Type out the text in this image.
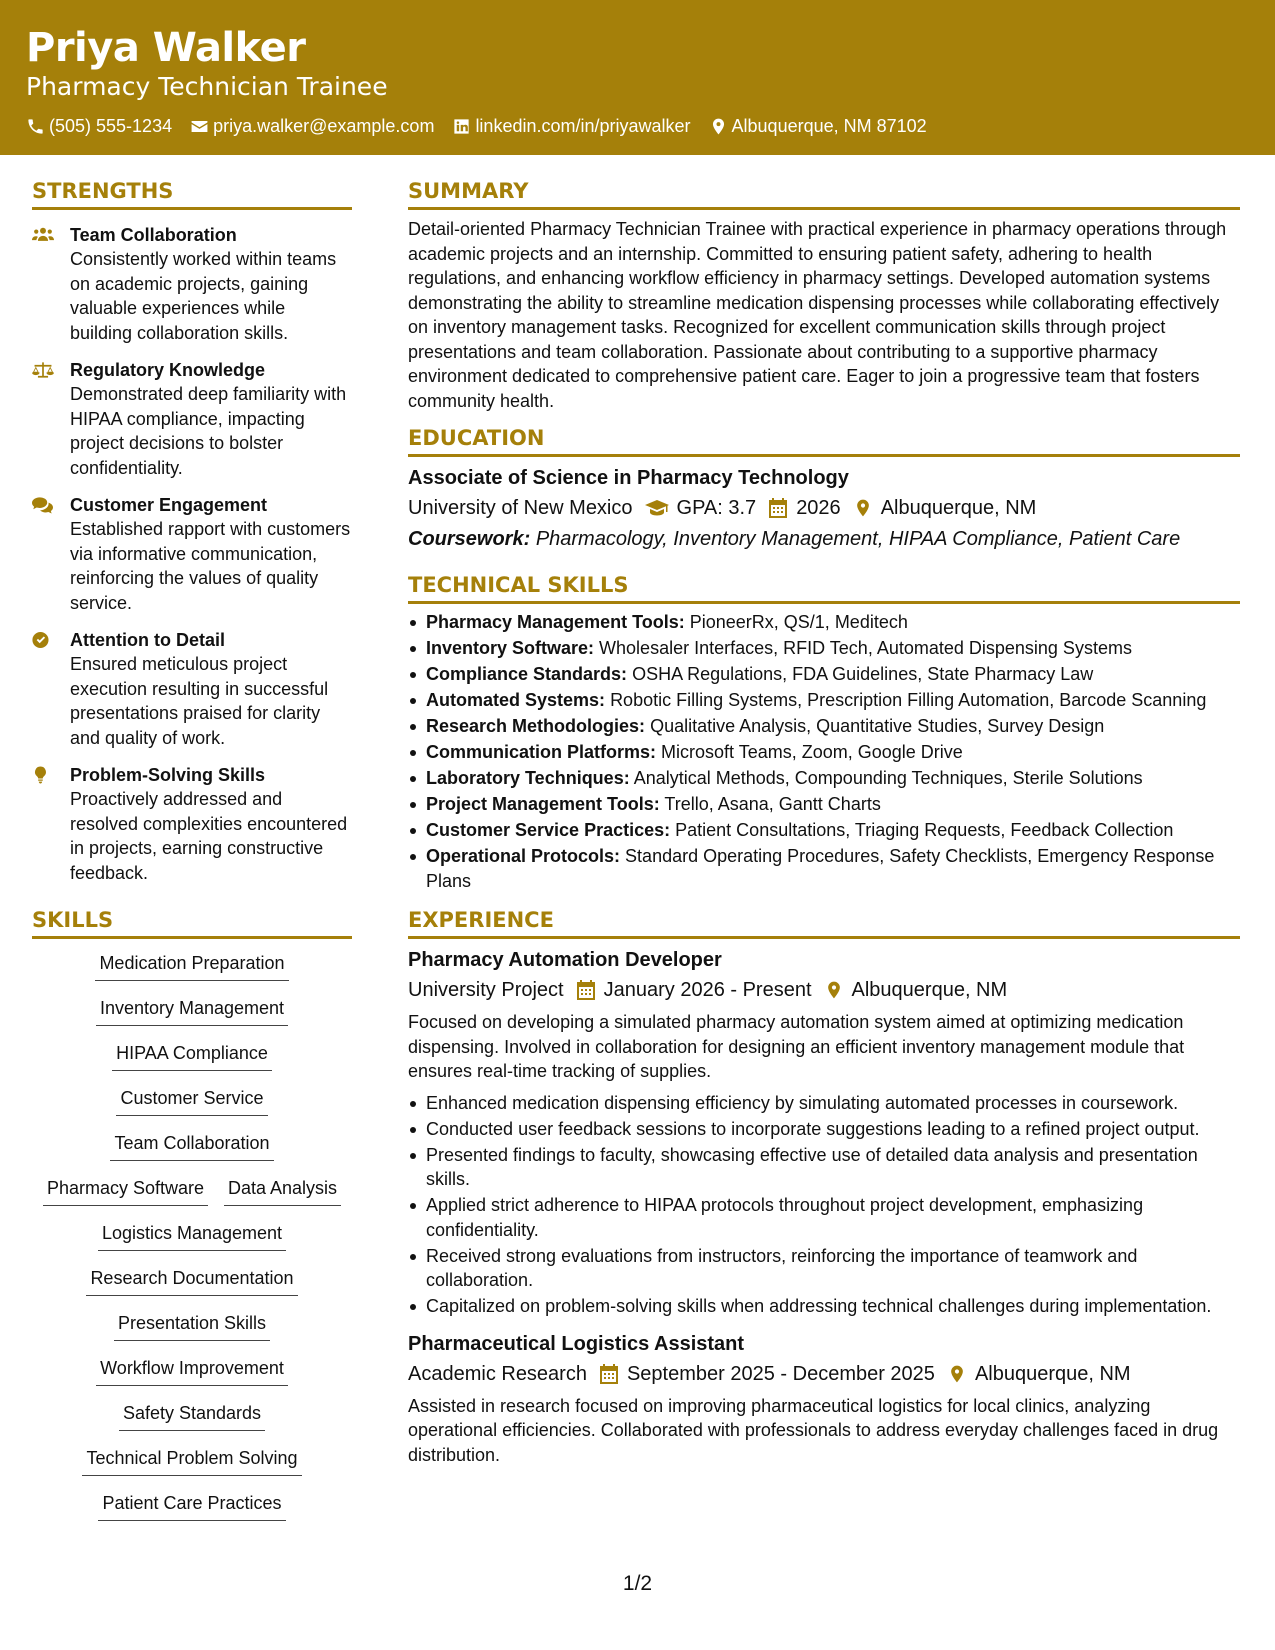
Priya Walker
Pharmacy Technician Trainee
(505) 555-1234 priya.walker@example.com linkedin.com/in/priyawalker Albuquerque, NM 87102
STRENGTHS
Team Collaboration
Consistently worked within teams on academic projects, gaining valuable experiences while building collaboration skills.
Regulatory Knowledge
Demonstrated deep familiarity with HIPAA compliance, impacting project decisions to bolster confidentiality.
Customer Engagement
Established rapport with customers via informative communication, reinforcing the values of quality service.
Attention to Detail
Ensured meticulous project execution resulting in successful presentations praised for clarity and quality of work.
Problem-Solving Skills
Proactively addressed and resolved complexities encountered in projects, earning constructive feedback.
SKILLS
Medication Preparation
Inventory Management
HIPAA Compliance
Customer Service
Team Collaboration
Pharmacy Software Data Analysis
Logistics Management
Research Documentation
Presentation Skills
Workflow Improvement
Safety Standards
Technical Problem Solving
Patient Care Practices
SUMMARY
Detail-oriented Pharmacy Technician Trainee with practical experience in pharmacy operations through academic projects and an internship. Committed to ensuring patient safety, adhering to health regulations, and enhancing workflow efficiency in pharmacy settings. Developed automation systems demonstrating the ability to streamline medication dispensing processes while collaborating effectively on inventory management tasks. Recognized for excellent communication skills through project presentations and team collaboration. Passionate about contributing to a supportive pharmacy environment dedicated to comprehensive patient care. Eager to join a progressive team that fosters community health.
EDUCATION
Associate of Science in Pharmacy Technology
University of New Mexico GPA: 3.7 2026 Albuquerque, NM
Coursework: Pharmacology, Inventory Management, HIPAA Compliance, Patient Care
TECHNICAL SKILLS
Pharmacy Management Tools: PioneerRx, QS/1, Meditech
Inventory Software: Wholesaler Interfaces, RFID Tech, Automated Dispensing Systems
Compliance Standards: OSHA Regulations, FDA Guidelines, State Pharmacy Law
Automated Systems: Robotic Filling Systems, Prescription Filling Automation, Barcode Scanning
Research Methodologies: Qualitative Analysis, Quantitative Studies, Survey Design
Communication Platforms: Microsoft Teams, Zoom, Google Drive
Laboratory Techniques: Analytical Methods, Compounding Techniques, Sterile Solutions
Project Management Tools: Trello, Asana, Gantt Charts
Customer Service Practices: Patient Consultations, Triaging Requests, Feedback Collection
Operational Protocols: Standard Operating Procedures, Safety Checklists, Emergency Response Plans
EXPERIENCE
Pharmacy Automation Developer
University Project January 2026 - Present Albuquerque, NM
Focused on developing a simulated pharmacy automation system aimed at optimizing medication dispensing. Involved in collaboration for designing an efficient inventory management module that ensures real-time tracking of supplies.
Enhanced medication dispensing efficiency by simulating automated processes in coursework.
Conducted user feedback sessions to incorporate suggestions leading to a refined project output.
Presented findings to faculty, showcasing effective use of detailed data analysis and presentation skills.
Applied strict adherence to HIPAA protocols throughout project development, emphasizing confidentiality.
Received strong evaluations from instructors, reinforcing the importance of teamwork and collaboration.
Capitalized on problem-solving skills when addressing technical challenges during implementation.
Pharmaceutical Logistics Assistant
Academic Research September 2025 - December 2025 Albuquerque, NM
Assisted in research focused on improving pharmaceutical logistics for local clinics, analyzing operational efficiencies. Collaborated with professionals to address everyday challenges faced in drug distribution.
1/2
